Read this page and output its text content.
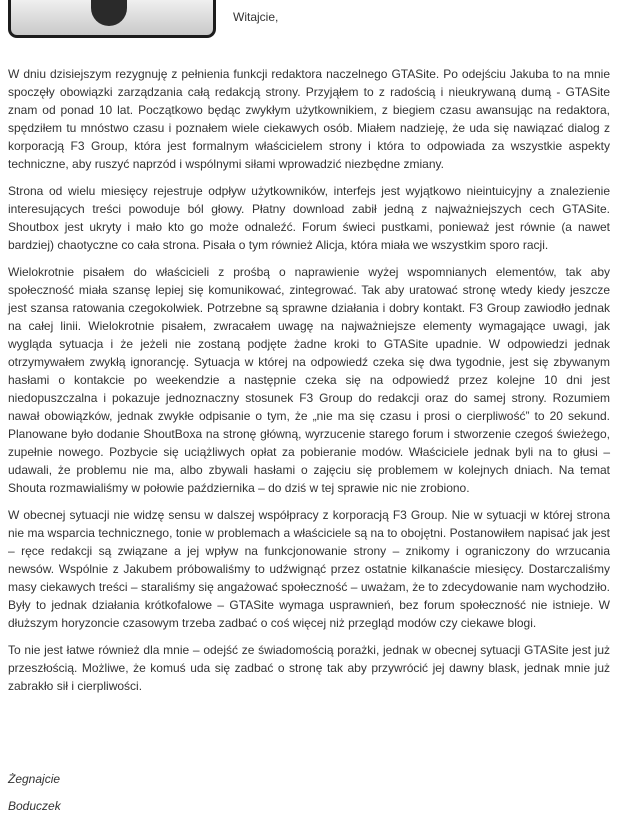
Witajcie,

W dniu dzisiejszym rezygnuję z pełnienia funkcji redaktora naczelnego GTASite. Po odejściu Jakuba to na mnie spoczęły obowiązki zarządzania całą redakcją strony. Przyjąłem to z radością i nieukrywaną dumą - GTASite znam od ponad 10 lat. Początkowo będąc zwykłym użytkownikiem, z biegiem czasu awansując na redaktora, spędziłem tu mnóstwo czasu i poznałem wiele ciekawych osób. Miałem nadzieję, że uda się nawiązać dialog z korporacją F3 Group, która jest formalnym właścicielem strony i która to odpowiada za wszystkie aspekty techniczne, aby ruszyć naprzód i wspólnymi siłami wprowadzić niezbędne zmiany.

Strona od wielu miesięcy rejestruje odpływ użytkowników, interfejs jest wyjątkowo nieintuicyjny a znalezienie interesujących treści powoduje ból głowy. Płatny download zabił jedną z najważniejszych cech GTASite. Shoutbox jest ukryty i mało kto go może odnaleźć. Forum świeci pustkami, ponieważ jest równie (a nawet bardziej) chaotyczne co cała strona. Pisała o tym również Alicja, która miała we wszystkim sporo racji.

Wielokrotnie pisałem do właścicieli z prośbą o naprawienie wyżej wspomnianych elementów, tak aby społeczność miała szansę lepiej się komunikować, zintegrować. Tak aby uratować stronę wtedy kiedy jeszcze jest szansa ratowania czegokolwiek. Potrzebne są sprawne działania i dobry kontakt. F3 Group zawiodło jednak na całej linii. Wielokrotnie pisałem, zwracałem uwagę na najważniejsze elementy wymagające uwagi, jak wygląda sytuacja i że jeżeli nie zostaną podjęte żadne kroki to GTASite upadnie. W odpowiedzi jednak otrzymywałem zwykłą ignorancję. Sytuacja w której na odpowiedź czeka się dwa tygodnie, jest się zbywanym hasłami o kontakcie po weekendzie a następnie czeka się na odpowiedź przez kolejne 10 dni jest niedopuszczalna i pokazuje jednoznaczny stosunek F3 Group do redakcji oraz do samej strony. Rozumiem nawał obowiązków, jednak zwykłe odpisanie o tym, że „nie ma się czasu i prosi o cierpliwość” to 20 sekund. Planowane było dodanie ShoutBoxa na stronę główną, wyrzucenie starego forum i stworzenie czegoś świeżego, zupełnie nowego. Pozbycie się uciążliwych opłat za pobieranie modów. Właściciele jednak byli na to głusi – udawali, że problemu nie ma, albo zbywali hasłami o zajęciu się problemem w kolejnych dniach. Na temat Shouta rozmawialiśmy w połowie października – do dziś w tej sprawie nic nie zrobiono.

W obecnej sytuacji nie widzę sensu w dalszej współpracy z korporacją F3 Group. Nie w sytuacji w której strona nie ma wsparcia technicznego, tonie w problemach a właściciele są na to obojętni. Postanowiłem napisać jak jest – ręce redakcji są związane a jej wpływ na funkcjonowanie strony – znikomy i ograniczony do wrzucania newsów. Wspólnie z Jakubem próbowaliśmy to udźwignąć przez ostatnie kilkanaście miesięcy. Dostarczaliśmy masy ciekawych treści – staraliśmy się angażować społeczność – uważam, że to zdecydowanie nam wychodziło. Były to jednak działania krótkofalowe – GTASite wymaga usprawnień, bez forum społeczność nie istnieje. W dłuższym horyzoncie czasowym trzeba zadbać o coś więcej niż przegląd modów czy ciekawe blogi.

To nie jest łatwe również dla mnie – odejść ze świadomością porażki, jednak w obecnej sytuacji GTASite jest już przeszłością. Możliwe, że komuś uda się zadbać o stronę tak aby przywrócić jej dawny blask, jednak mnie już zabrakło sił i cierpliwości.

Żegnajcie
Boduczek
